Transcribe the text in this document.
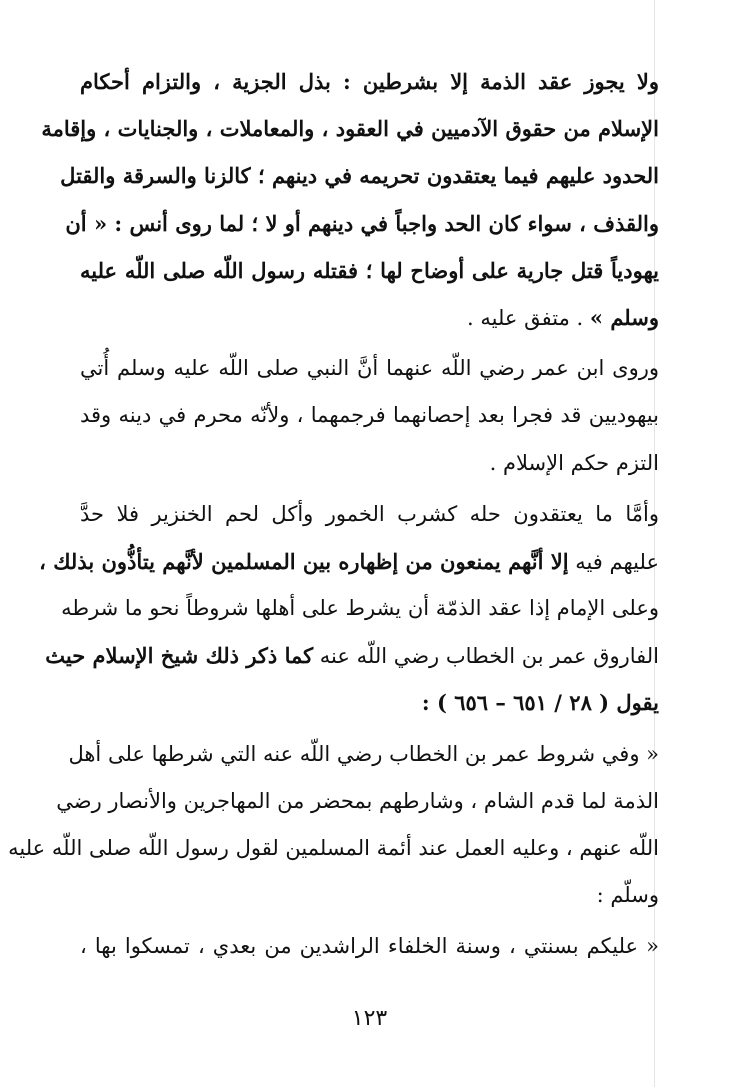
ولا يجوز عقد الذمة إلا بشرطين : بذل الجزية ، والتزام أحكام
الإسلام من حقوق الآدميين في العقود ، والمعاملات ، والجنايات ، وإقامة
الحدود عليهم فيما يعتقدون تحريمه في دينهم ؛ كالزنا والسرقة والقتل
والقذف ، سواء كان الحد واجباً في دينهم أو لا ؛ لما روى أنس : « أن
يهودياً قتل جارية على أوضاح لها ؛ فقتله رسول اللّه صلى اللّه عليه
وسلم » . متفق عليه .
وروى ابن عمر رضي اللّه عنهما أنَّ النبي صلى اللّه عليه وسلم أُتي
بيهوديين قد فجرا بعد إحصانهما فرجمهما ، ولأنّه محرم في دينه وقد
التزم حكم الإسلام .
وأمَّا ما يعتقدون حله كشرب الخمور وأكل لحم الخنزير فلا حدَّ
عليهم فيه إلا أنَّهم يمنعون من إظهاره بين المسلمين لأنَّهم يتأذُّون بذلك ،
وعلى الإمام إذا عقد الذمّة أن يشرط على أهلها شروطاً نحو ما شرطه
الفاروق عمر بن الخطاب رضي اللّه عنه كما ذكر ذلك شيخ الإسلام حيث
يقول ( ٢٨ / ٦٥١ – ٦٥٦ ) :
« وفي شروط عمر بن الخطاب رضي اللّه عنه التي شرطها على أهل
الذمة لما قدم الشام ، وشارطهم بمحضر من المهاجرين والأنصار رضي
اللّه عنهم ، وعليه العمل عند أئمة المسلمين لقول رسول اللّه صلى اللّه عليه
وسلّم :
« عليكم بسنتي ، وسنة الخلفاء الراشدين من بعدي ، تمسكوا بها ،
١٢٣
